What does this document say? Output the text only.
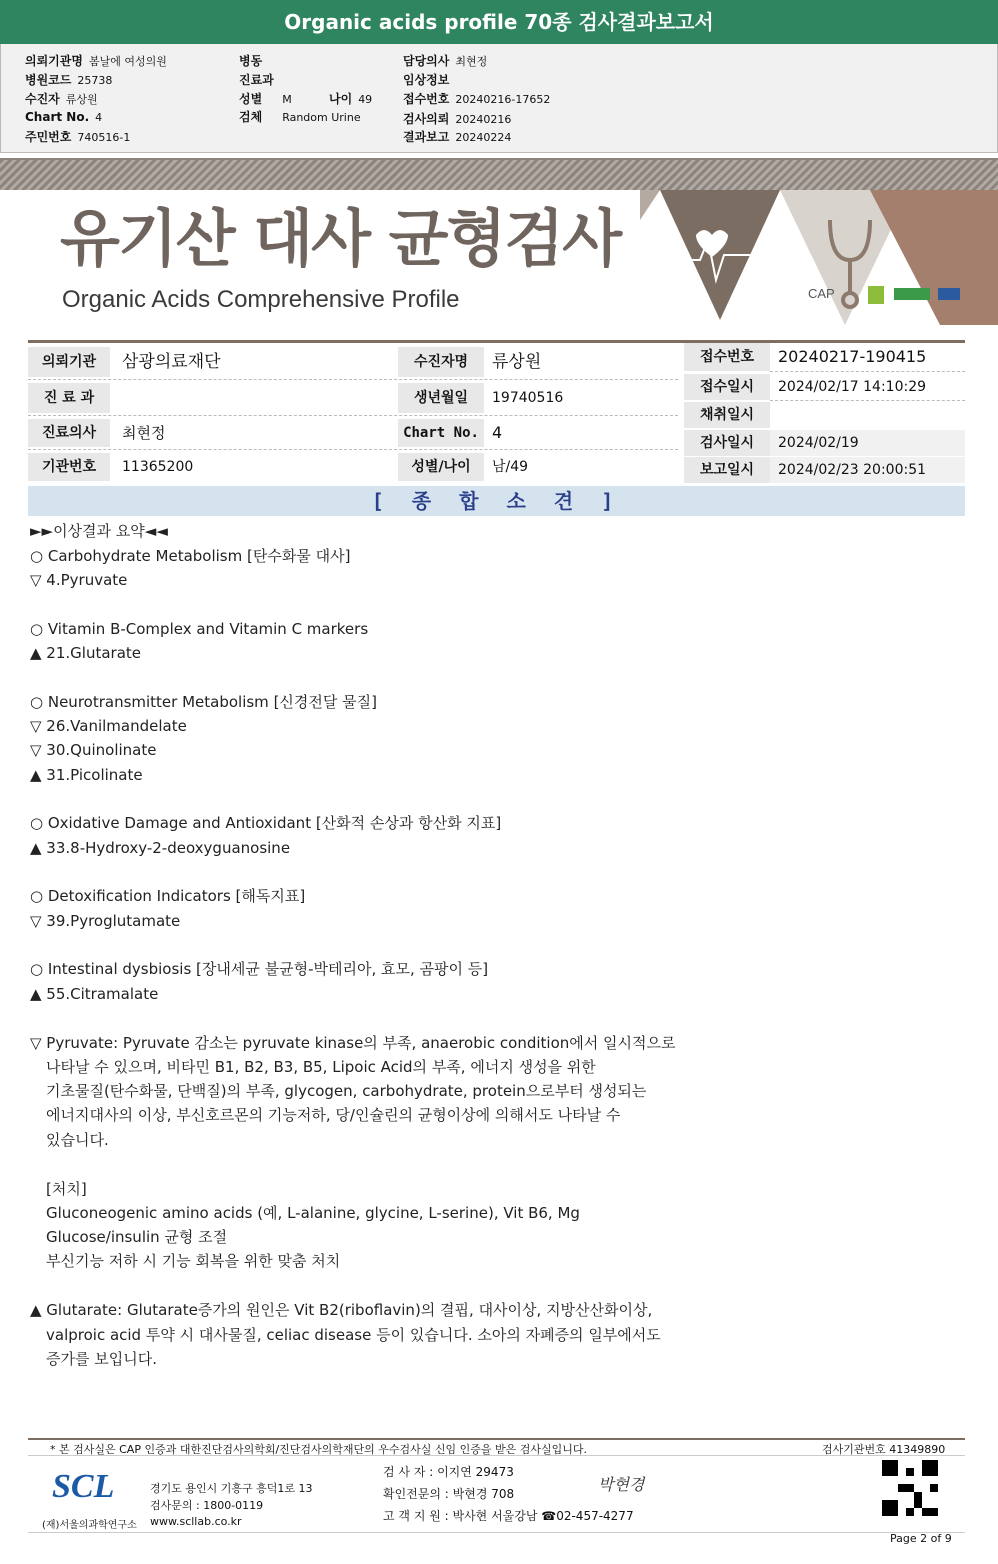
Organic acids profile 70종 검사결과보고서
의뢰기관명 봄날에 여성의원
병원코드 25738
수진자 류상원
Chart No. 4
주민번호 740516-1
병동
진료과
성별 M	나이 49
검체 Random Urine
담당의사 최현정
임상정보
접수번호 20240216-17652
검사의뢰 20240216
결과보고 20240224
CAP
유기산 대사 균형검사
Organic Acids Comprehensive Profile
의뢰기관	삼광의료재단
진 료 과
진료의사	최현정
기관번호	11365200
수진자명	류상원
생년월일	19740516
Chart No. 4
성별/나이	남/49
접수번호	20240217-190415
접수일시	2024/02/17 14:10:29
채취일시
검사일시	2024/02/19
보고일시	2024/02/23 20:00:51
[ 종 합 소 견 ]
►►이상결과 요약◄◄
○ Carbohydrate Metabolism [탄수화물 대사]
▽ 4.Pyruvate
○ Vitamin B-Complex and Vitamin C markers
▲ 21.Glutarate
○ Neurotransmitter Metabolism [신경전달 물질]
▽ 26.Vanilmandelate
▽ 30.Quinolinate
▲ 31.Picolinate
○ Oxidative Damage and Antioxidant [산화적 손상과 항산화 지표]
▲ 33.8-Hydroxy-2-deoxyguanosine
○ Detoxification Indicators [해독지표]
▽ 39.Pyroglutamate
○ Intestinal dysbiosis [장내세균 불균형-박테리아, 효모, 곰팡이 등]
▲ 55.Citramalate
▽ Pyruvate: Pyruvate 감소는 pyruvate kinase의 부족, anaerobic condition에서 일시적으로
나타날 수 있으며, 비타민 B1, B2, B3, B5, Lipoic Acid의 부족, 에너지 생성을 위한
기초물질(탄수화물, 단백질)의 부족, glycogen, carbohydrate, protein으로부터 생성되는
에너지대사의 이상, 부신호르몬의 기능저하, 당/인슐린의 균형이상에 의해서도 나타날 수
있습니다.
[처치]
Gluconeogenic amino acids (예, L-alanine, glycine, L-serine), Vit B6, Mg
Glucose/insulin 균형 조절
부신기능 저하 시 기능 회복을 위한 맞춤 처치
▲ Glutarate: Glutarate증가의 원인은 Vit B2(riboflavin)의 결핍, 대사이상, 지방산산화이상,
valproic acid 투약 시 대사물질, celiac disease 등이 있습니다. 소아의 자폐증의 일부에서도
증가를 보입니다.
* 본 검사실은 CAP 인증과 대한진단검사의학회/진단검사의학재단의 우수검사실 신임 인증을 받은 검사실입니다.	검사기관번호 41349890
SCL
(재)서울의과학연구소
경기도 용인시 기흥구 흥덕1로 13
검사문의 : 1800-0119
www.scllab.co.kr
검 사 자 : 이지연 29473
확인전문의 : 박현경 708
고 객 지 원 : 박사현 서울강남 ☎02-457-4277
박현경
Page 2 of 9
